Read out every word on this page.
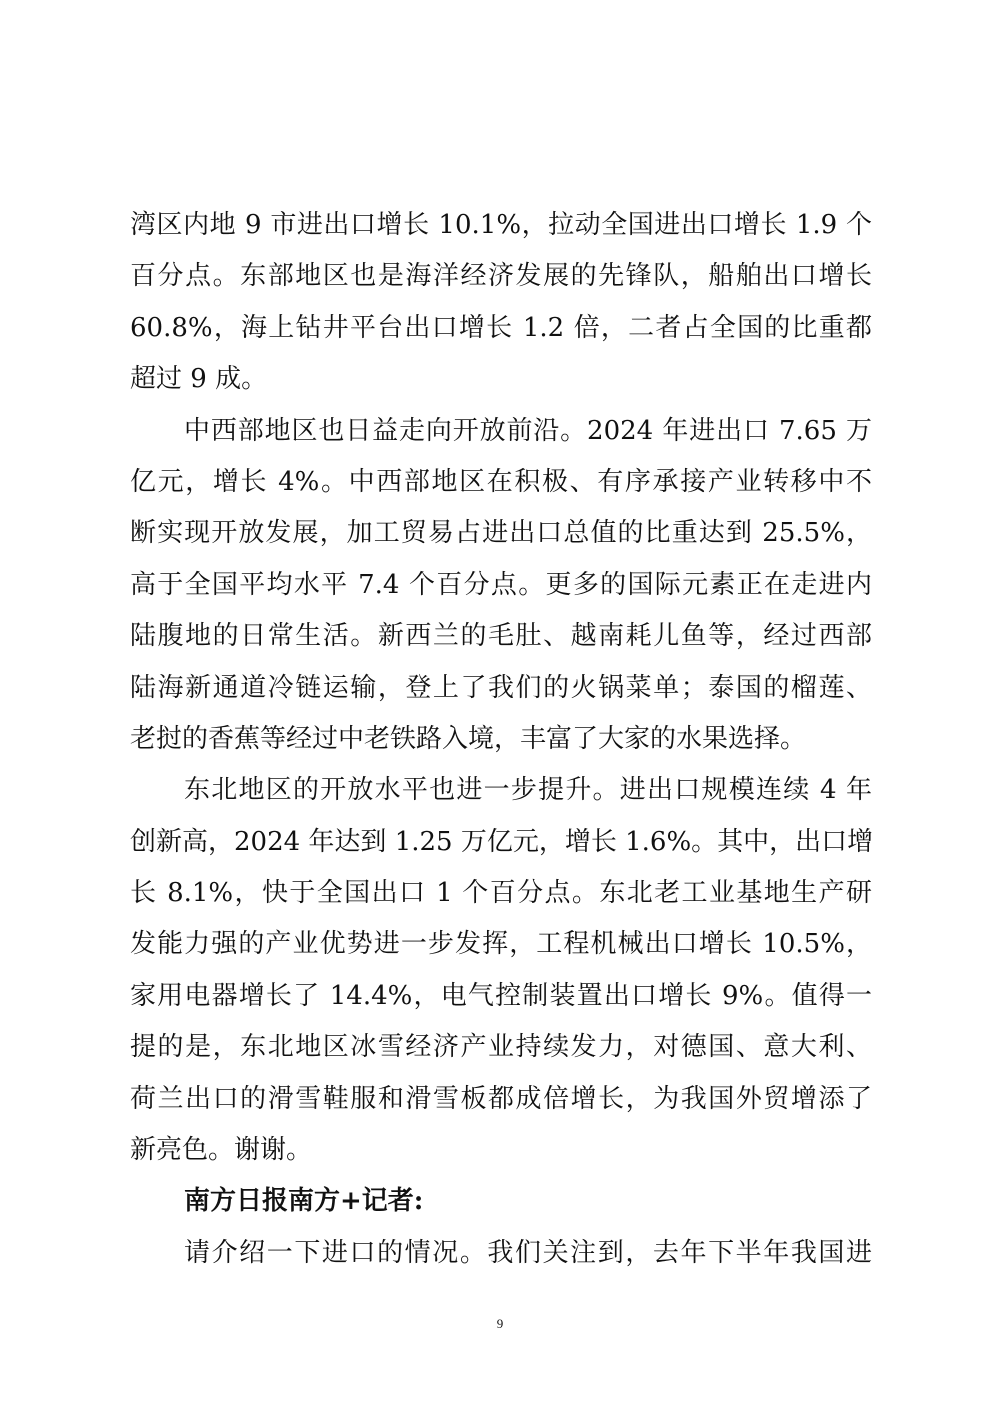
湾区内地 9 市进出口增长 10.1%，拉动全国进出口增长 1.9 个
百分点。东部地区也是海洋经济发展的先锋队，船舶出口增长
60.8%，海上钻井平台出口增长 1.2 倍，二者占全国的比重都
超过 9 成。
中西部地区也日益走向开放前沿。2024 年进出口 7.65 万
亿元，增长 4%。中西部地区在积极、有序承接产业转移中不
断实现开放发展，加工贸易占进出口总值的比重达到 25.5%，
高于全国平均水平 7.4 个百分点。更多的国际元素正在走进内
陆腹地的日常生活。新西兰的毛肚、越南耗儿鱼等，经过西部
陆海新通道冷链运输，登上了我们的火锅菜单；泰国的榴莲、
老挝的香蕉等经过中老铁路入境，丰富了大家的水果选择。
东北地区的开放水平也进一步提升。进出口规模连续 4 年
创新高，2024 年达到 1.25 万亿元，增长 1.6%。其中，出口增
长 8.1%，快于全国出口 1 个百分点。东北老工业基地生产研
发能力强的产业优势进一步发挥，工程机械出口增长 10.5%，
家用电器增长了 14.4%，电气控制装置出口增长 9%。值得一
提的是，东北地区冰雪经济产业持续发力，对德国、意大利、
荷兰出口的滑雪鞋服和滑雪板都成倍增长，为我国外贸增添了
新亮色。谢谢。
南方日报南方+记者:
请介绍一下进口的情况。我们关注到，去年下半年我国进
9
